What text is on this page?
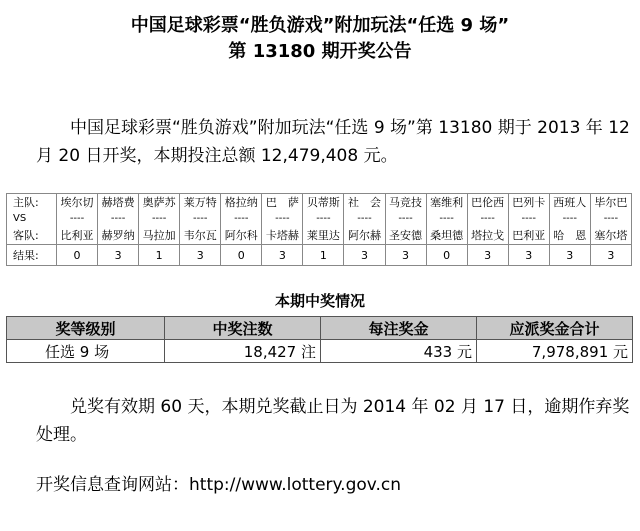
中国足球彩票“胜负游戏”附加玩法“任选 9 场”
第 13180 期开奖公告
中国足球彩票“胜负游戏”附加玩法“任选 9 场”第 13180 期于 2013 年 12 月 20 日开奖，本期投注总额 12,479,408 元。
主队:	埃尔切	赫塔费	奥萨苏	莱万特	格拉纳	巴　萨	贝蒂斯	社　会	马竞技	塞维利	巴伦西	巴列卡	西班人	毕尔巴
VS	----	----	----	----	----	----	----	----	----	----	----	----	----	----
客队:	比利亚	赫罗纳	马拉加	韦尔瓦	阿尔科	卡塔赫	莱里达	阿尔赫	圣安德	桑坦德	塔拉戈	巴利亚	哈　恩	塞尔塔
结果:	0	3	1	3	0	3	1	3	3	0	3	3	3	3
本期中奖情况
奖等级别	中奖注数	每注奖金	应派奖金合计
任选 9 场	18,427 注	433 元	7,978,891 元
兑奖有效期 60 天，本期兑奖截止日为 2014 年 02 月 17 日，逾期作弃奖处理。
开奖信息查询网站：http://www.lottery.gov.cn
